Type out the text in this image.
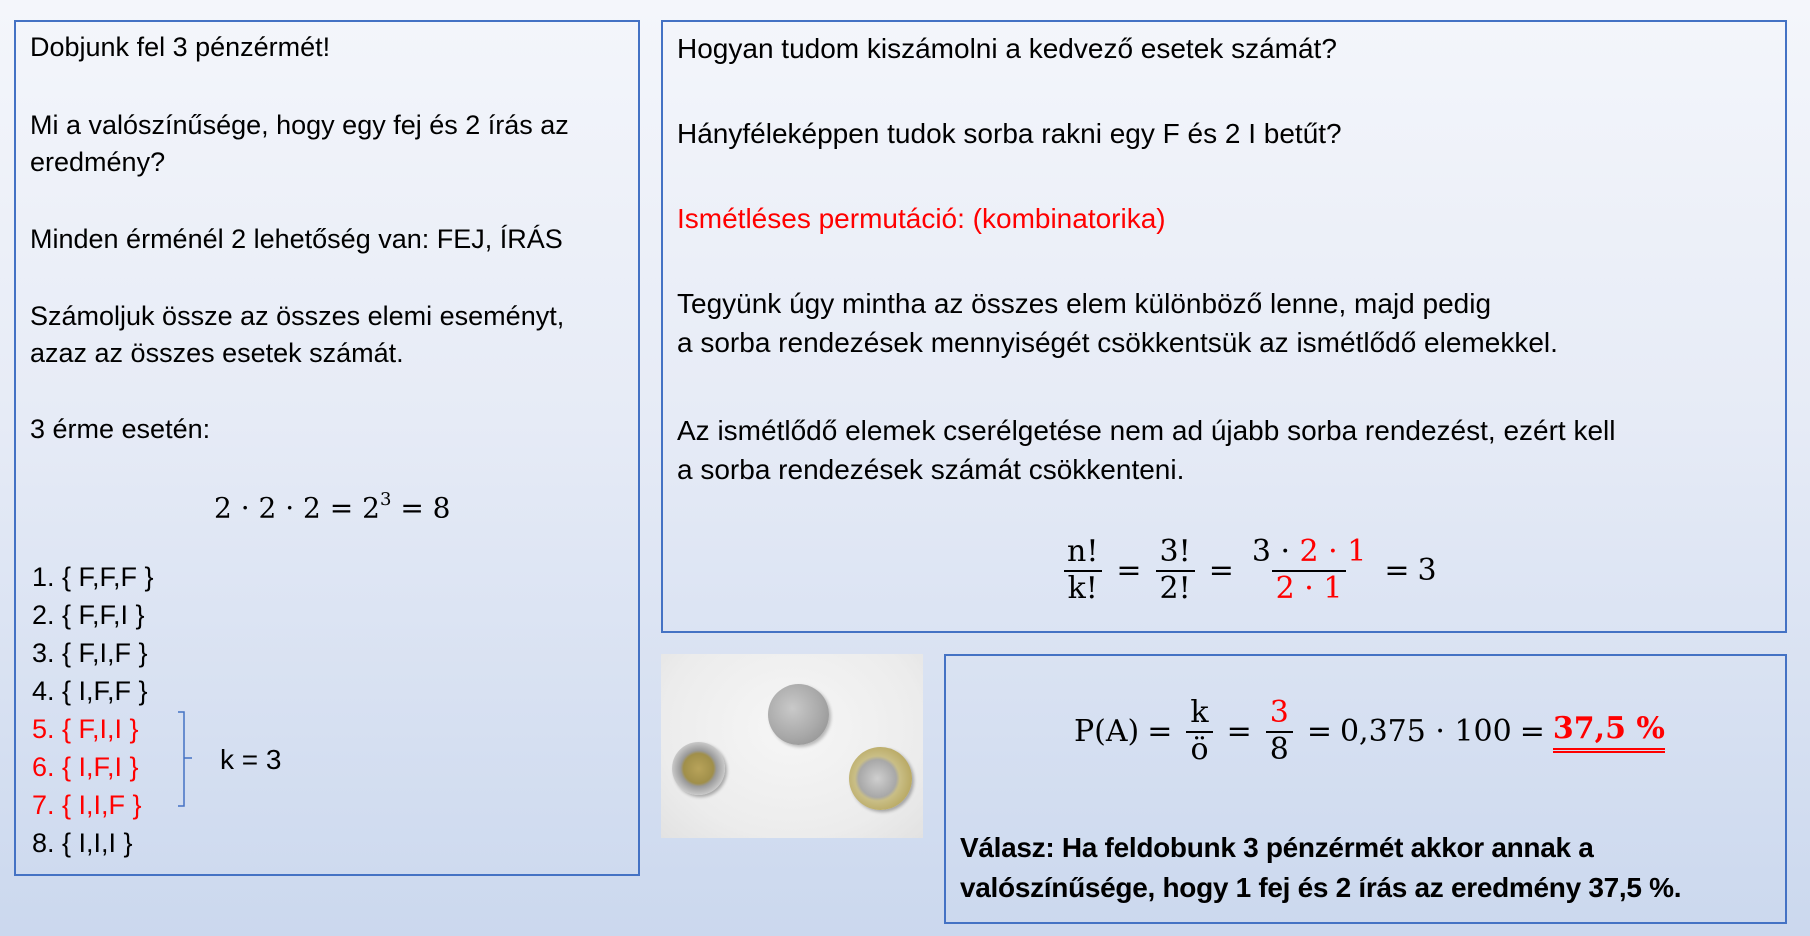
Dobjunk fel 3 pénzérmét!
Mi a valószínűsége, hogy egy fej és 2 írás az
eredmény?
Minden érménél 2 lehetőség van: FEJ, ÍRÁS
Számoljuk össze az összes elemi eseményt,
azaz az összes esetek számát.
3 érme esetén:
$2 \cdot 2 \cdot 2 = 2^3 = 8$
1. { F,F,F }
2. { F,F,I }
3. { F,I,F }
4. { I,F,F }
5. { F,I,I }
6. { I,F,I }
7. { I,I,F }
8. { I,I,I }
k = 3
Hogyan tudom kiszámolni a kedvező esetek számát?
Hányféleképpen tudok sorba rakni egy F és 2 I betűt?
Ismétléses permutáció: (kombinatorika)
Tegyünk úgy mintha az összes elem különböző lenne, majd pedig
a sorba rendezések mennyiségét csökkentsük az ismétlődő elemekkel.
Az ismétlődő elemek cserélgetése nem ad újabb sorba rendezést, ezért kell
a sorba rendezések számát csökkenteni.
$\frac{n!}{k!} = \frac{3!}{2!} = \frac{3 \cdot 2 \cdot 1}{2 \cdot 1} = 3$
$P(A) = \frac{k}{ö} = \frac{3}{8} = 0,375 \cdot 100 = 37,5$ %
Válasz: Ha feldobunk 3 pénzérmét akkor annak a
valószínűsége, hogy 1 fej és 2 írás az eredmény 37,5 %.
